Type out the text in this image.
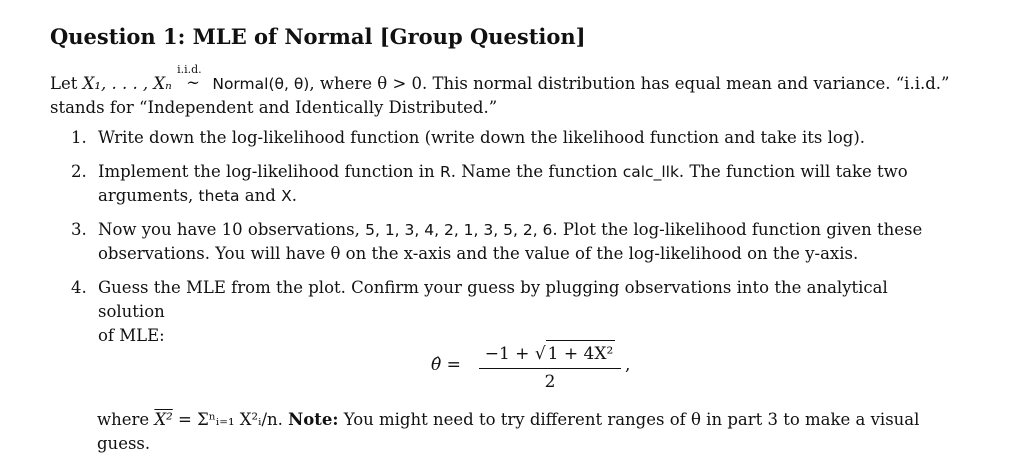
Question 1: MLE of Normal [Group Question]
Let X₁, . . . , Xₙ
i.i.d.
∼ Normal(θ, θ), where θ > 0. This normal distribution has equal mean and variance. “i.i.d.”
stands for “Independent and Identically Distributed.”
1. Write down the log-likelihood function (write down the likelihood function and take its log).
2. Implement the log-likelihood function in R. Name the function calc_llk. The function will take two
arguments, theta and X.
3. Now you have 10 observations, 5, 1, 3, 4, 2, 1, 3, 5, 2, 6. Plot the log-likelihood function given these
observations. You will have θ on the x-axis and the value of the log-likelihood on the y-axis.
4. Guess the MLE from the plot. Confirm your guess by plugging observations into the analytical solution
of MLE:
θ̂ =
−1 + √ 1 + 4X²
2
,
where X² = Σⁿᵢ₌₁ X²ᵢ/n. Note: You might need to try different ranges of θ in part 3 to make a visual
guess.
